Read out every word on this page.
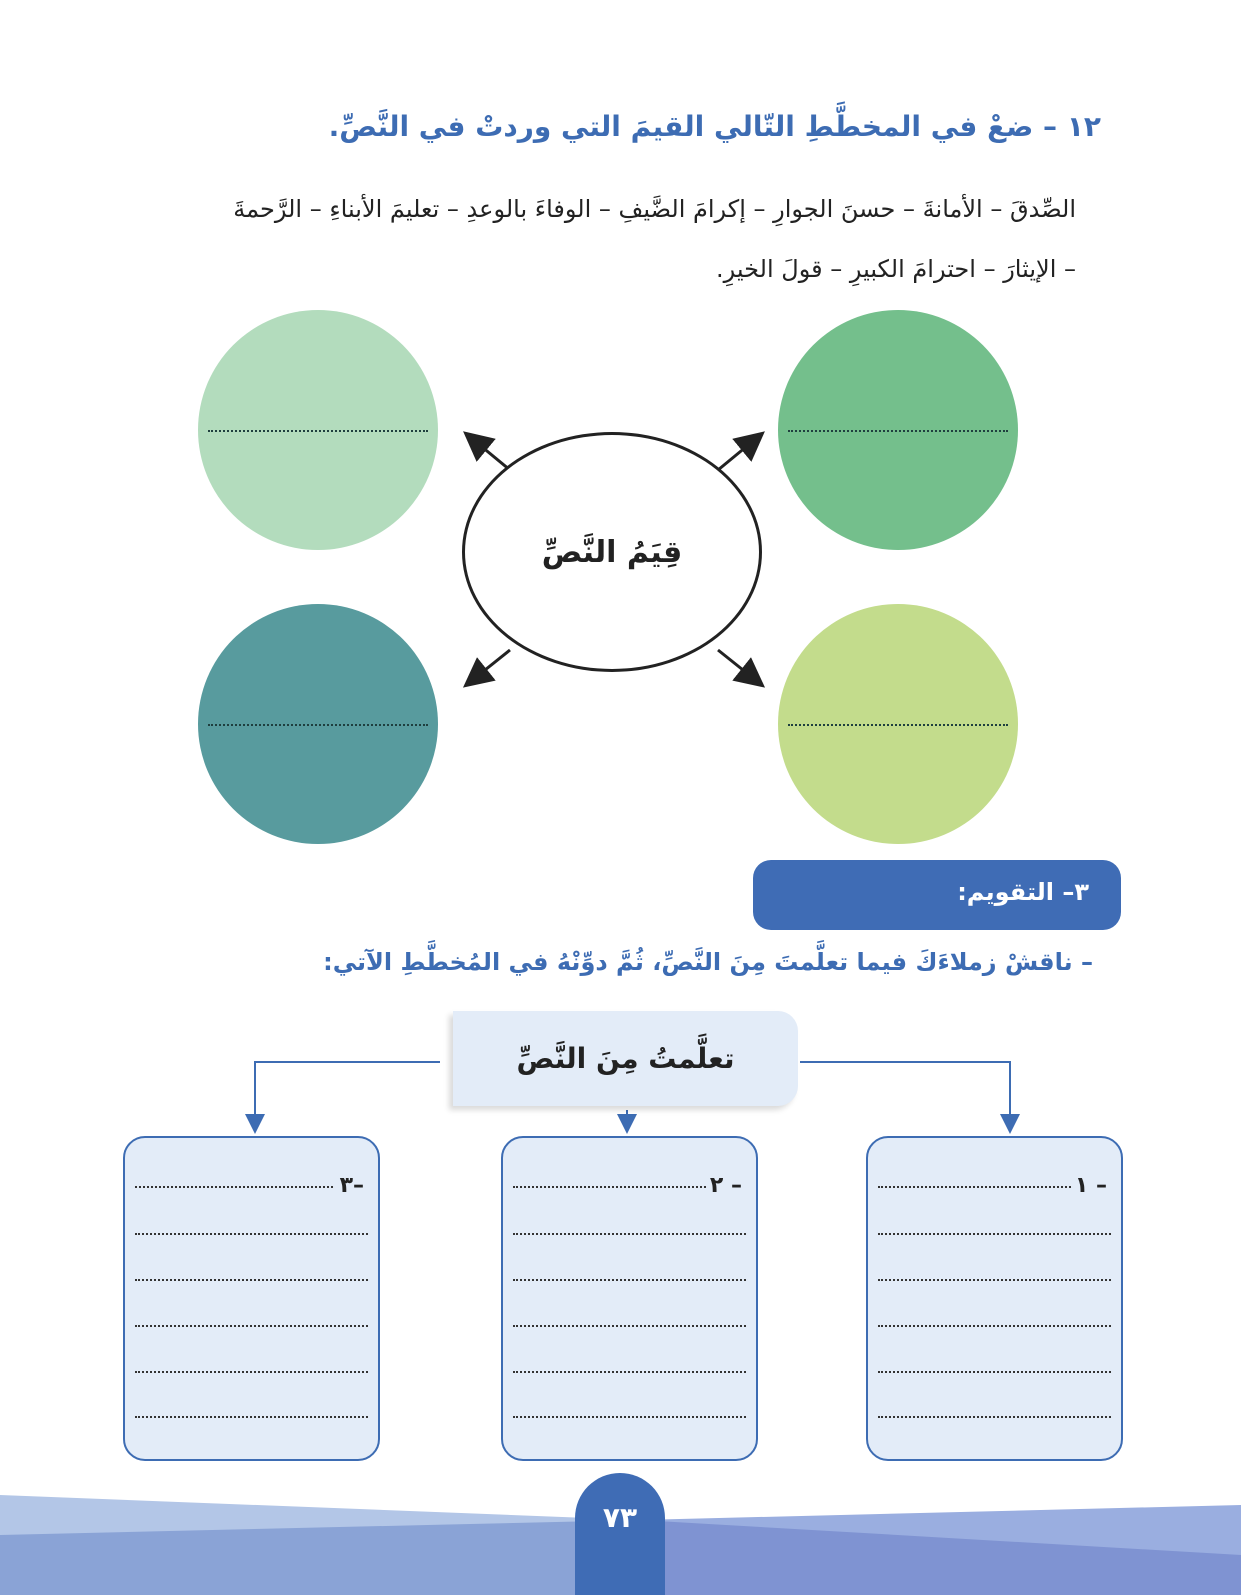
١٢ – ضعْ في المخطَّطِ التّالي القيمَ التي وردتْ في النَّصِّ.
الصِّدقَ – الأمانةَ – حسنَ الجوارِ – إكرامَ الضَّيفِ – الوفاءَ بالوعدِ – تعليمَ الأبناءِ – الرَّحمةَ
– الإيثارَ – احترامَ الكبيرِ – قولَ الخيرِ.
قِيَمُ النَّصِّ
٣– التقويم:
– ناقشْ زملاءَكَ فيما تعلَّمتَ مِنَ النَّصِّ، ثُمَّ دوِّنْهُ في المُخطَّطِ الآتي:
تعلَّمتُ مِنَ النَّصِّ
١ –
٢ –
٣–
٧٣
